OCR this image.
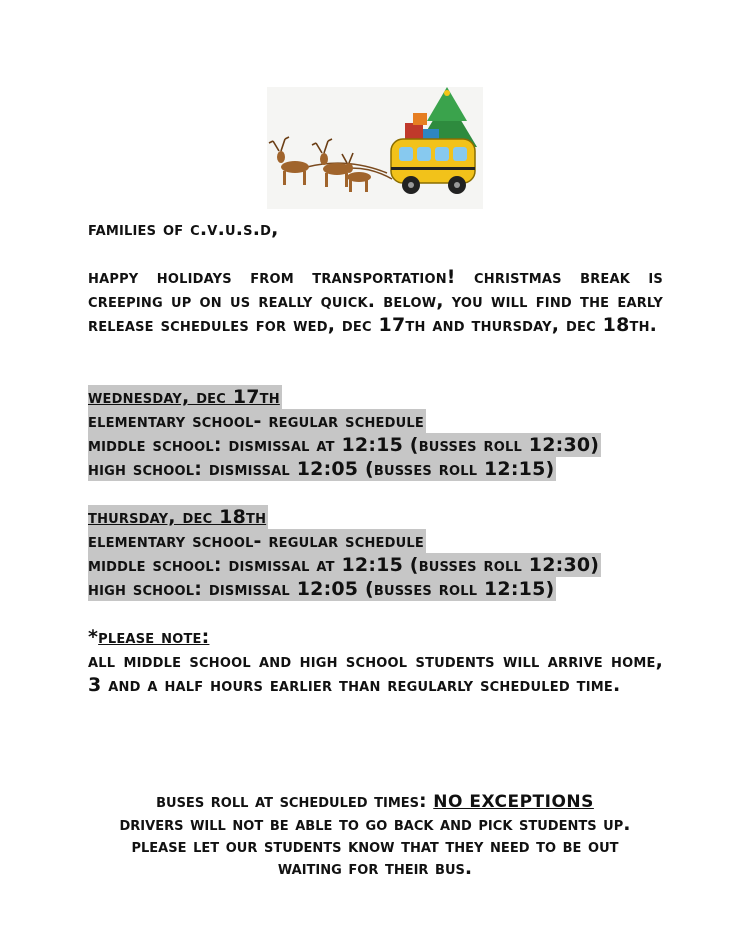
families of c.v.u.s.d,
happy holidays from transportation! christmas break is creeping up on us really quick. below, you will find the early release schedules for wed, dec 17th and thursday, dec 18th.
wednesday, dec 17th
elementary school- regular schedule
middle school: dismissal at 12:15 (busses roll 12:30)
high school: dismissal 12:05 (busses roll 12:15)
thursday, dec 18th
elementary school- regular schedule
middle school: dismissal at 12:15 (busses roll 12:30)
high school: dismissal 12:05 (busses roll 12:15)
*please note:
all middle school and high school students will arrive home, 3 and a half hours earlier than regularly scheduled time.
buses roll at scheduled times: NO EXCEPTIONS
drivers will not be able to go back and pick students up.
please let our students know that they need to be out
waiting for their bus.
